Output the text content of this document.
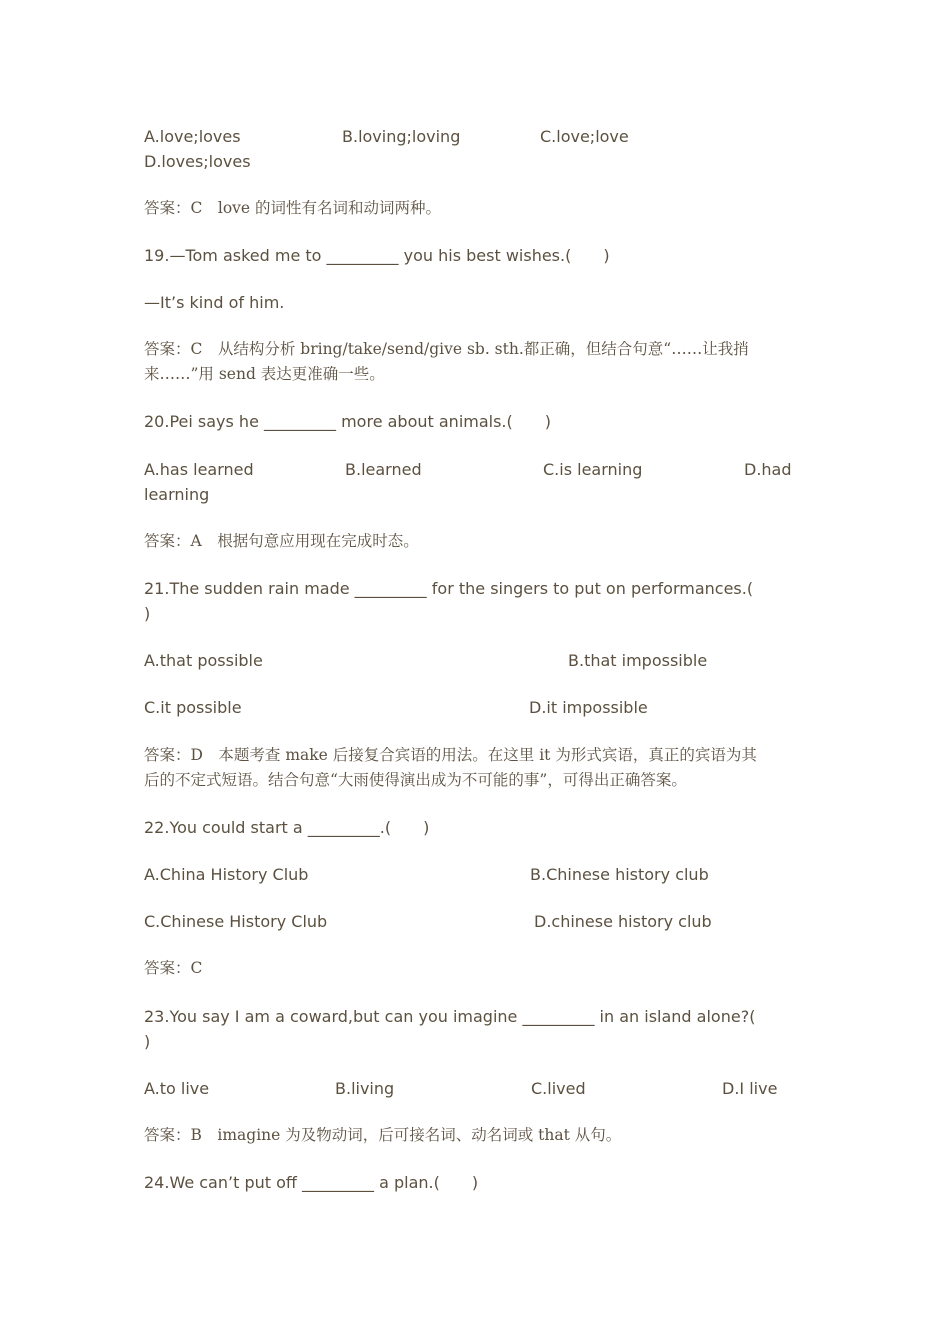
A.love;loves	B.loving;loving	C.love;love
D.loves;loves
答案：C　love 的词性有名词和动词两种。
19.—Tom asked me to _________ you his best wishes.(　　)
—It’s kind of him.
答案：C　从结构分析 bring/take/send/give sb. sth.都正确，但结合句意“……让我捎
来……”用 send 表达更准确一些。
20.Pei says he _________ more about animals.(　　)
A.has learned	B.learned	C.is learning	D.had
learning
答案：A　根据句意应用现在完成时态。
21.The sudden rain made _________ for the singers to put on performances.(
)
A.that possible	B.that impossible
C.it possible	D.it impossible
答案：D　本题考查 make 后接复合宾语的用法。在这里 it 为形式宾语，真正的宾语为其
后的不定式短语。结合句意“大雨使得演出成为不可能的事”，可得出正确答案。
22.You could start a _________.(　　)
A.China History Club	B.Chinese history club
C.Chinese History Club	D.chinese history club
答案：C
23.You say I am a coward,but can you imagine _________ in an island alone?(
)
A.to live	B.living	C.lived	D.I live
答案：B　imagine 为及物动词，后可接名词、动名词或 that 从句。
24.We can’t put off _________ a plan.(　　)
